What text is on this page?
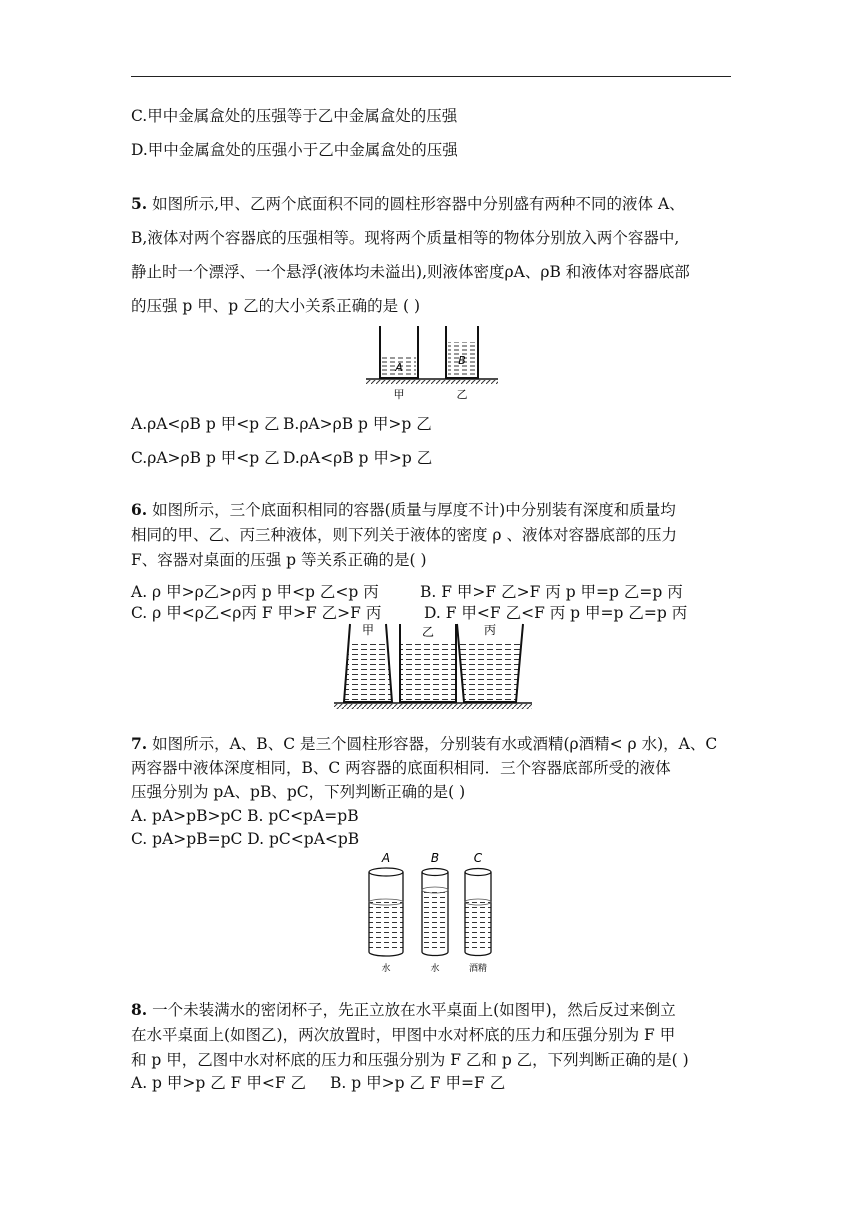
C.甲中金属盒处的压强等于乙中金属盒处的压强
D.甲中金属盒处的压强小于乙中金属盒处的压强
5. 如图所示,甲、乙两个底面积不同的圆柱形容器中分别盛有两种不同的液体 A、
B,液体对两个容器底的压强相等。现将两个质量相等的物体分别放入两个容器中,
静止时一个漂浮、一个悬浮(液体均未溢出),则液体密度ρA、ρB 和液体对容器底部
的压强 p 甲、p 乙的大小关系正确的是 ( )
A
B
甲	乙
A.ρA<ρB p 甲<p 乙 B.ρA>ρB p 甲>p 乙
C.ρA>ρB p 甲<p 乙 D.ρA<ρB p 甲>p 乙
6. 如图所示，三个底面积相同的容器(质量与厚度不计)中分别装有深度和质量均
相同的甲、乙、丙三种液体，则下列关于液体的密度 ρ 、液体对容器底部的压力
F、容器对桌面的压强 p 等关系正确的是( )
A. ρ 甲>ρ乙>ρ丙 p 甲<p 乙<p 丙	B. F 甲>F 乙>F 丙 p 甲=p 乙=p 丙
C. ρ 甲<ρ乙<ρ丙 F 甲>F 乙>F 丙	D. F 甲<F 乙<F 丙 p 甲=p 乙=p 丙
甲	乙	丙
7. 如图所示，A、B、C 是三个圆柱形容器，分别装有水或酒精(ρ酒精< ρ 水)，A、C
两容器中液体深度相同，B、C 两容器的底面积相同．三个容器底部所受的液体
压强分别为 pA、pB、pC，下列判断正确的是( )
A. pA>pB>pC B. pC<pA=pB
C. pA>pB=pC D. pC<pA<pB
A	B	C
水	水	酒精
8. 一个未装满水的密闭杯子，先正立放在水平桌面上(如图甲)，然后反过来倒立
在水平桌面上(如图乙)，两次放置时，甲图中水对杯底的压力和压强分别为 F 甲
和 p 甲，乙图中水对杯底的压力和压强分别为 F 乙和 p 乙，下列判断正确的是( )
A. p 甲>p 乙 F 甲<F 乙 B. p 甲>p 乙 F 甲=F 乙
